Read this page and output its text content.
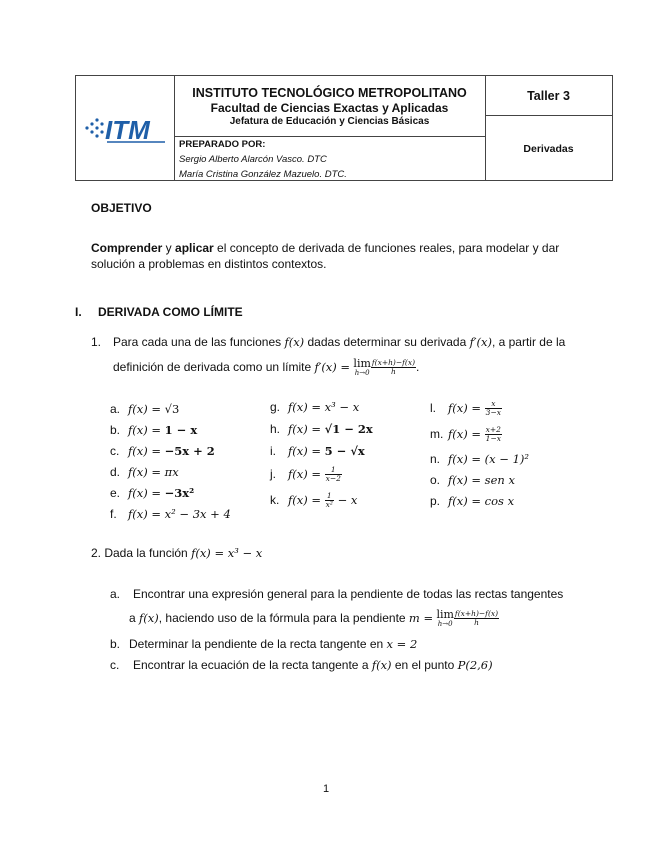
ITM
INSTITUTO TECNOLÓGICO METROPOLITANO
Facultad de Ciencias Exactas y Aplicadas
Jefatura de Educación y Ciencias Básicas
PREPARADO POR:
Sergio Alberto Alarcón Vasco. DTC
María Cristina González Mazuelo. DTC.
Taller 3
Derivadas
OBJETIVO
Comprender y aplicar el concepto de derivada de funciones reales, para modelar y dar
solución a problemas en distintos contextos.
I. DERIVADA COMO LÍMITE
1. Para cada una de las funciones f(x) dadas determinar su derivada f′(x), a partir de la
definición de derivada como un límite f′(x) = lim
$h\to 0 \frac{f(x+h)-f(x)}{h}$ .
a. f(x) = √3
b. f(x) = 1 − x
c. f(x) = −5x + 2
d. f(x) = πx
e. f(x) = −3x²
f. f(x) = x² − 3x + 4
g. f(x) = x³ − x
h. f(x) = √1 − 2x
i. f(x) = 5 − √x
j. $f(x) = \frac{1}{x-2}$
k. $f(x) = \frac{1}{\text{x²}} - x$
l. $f(x) = \frac{x}{3-x}$
m. $f(x) = \frac{x+2}{1-x}$
n. f(x) = (x − 1)²
o. f(x) = sen x
p. f(x) = cos x
2. Dada la función f(x) = x³ − x
a. Encontrar una expresión general para la pendiente de todas las rectas tangentes
a f(x), haciendo uso de la fórmula para la pendiente m = lim
$h\to 0 \frac{f(x+h)-f(x)}{h}$
b. Determinar la pendiente de la recta tangente en x = 2
c. Encontrar la ecuación de la recta tangente a f(x) en el punto P(2,6)
1
